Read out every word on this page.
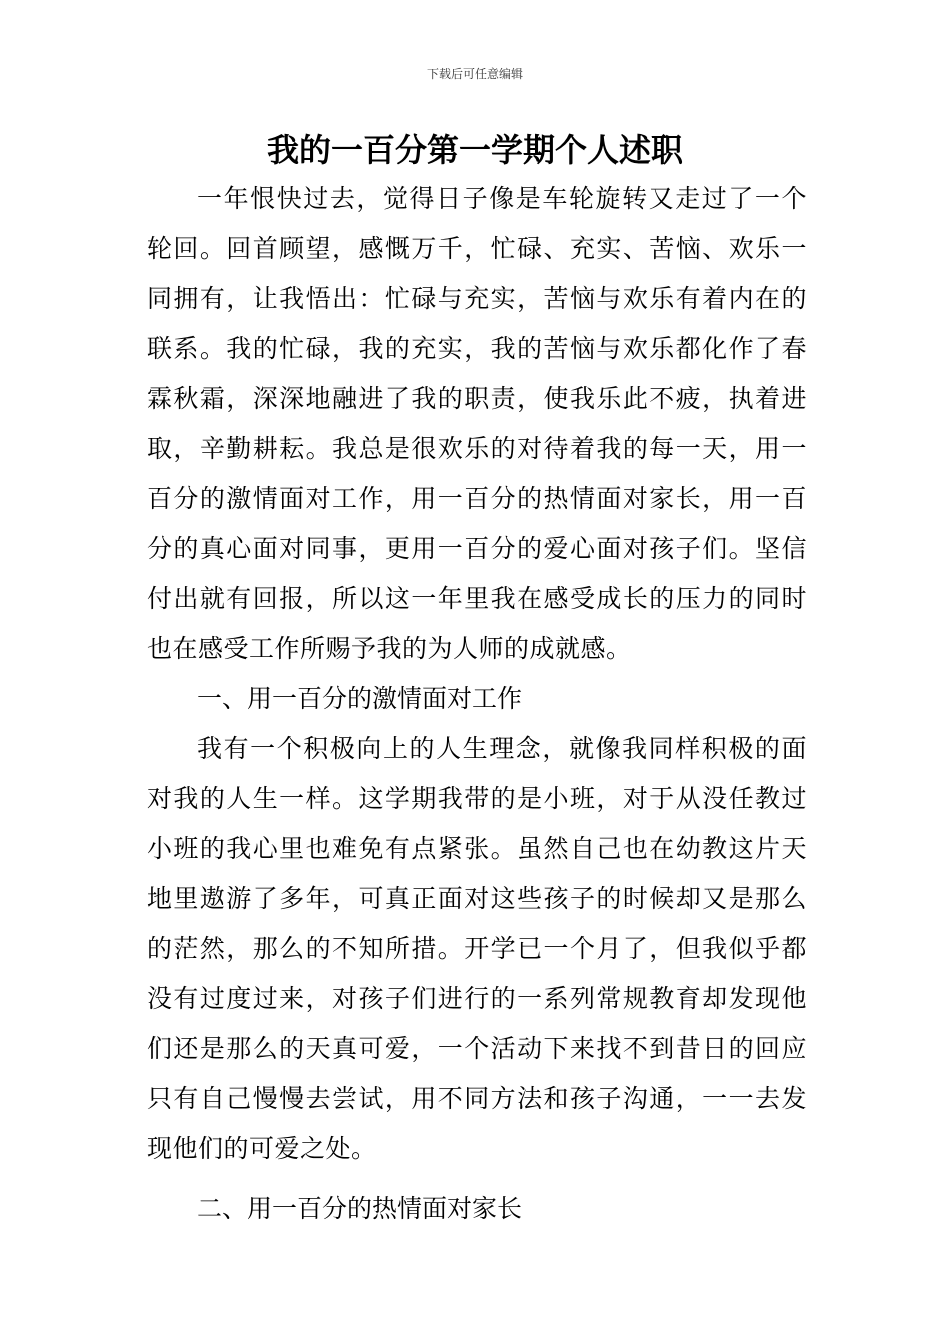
下载后可任意编辑
我的一百分第一学期个人述职

一年恨快过去，觉得日子像是车轮旋转又走过了一个轮回。回首顾望，感慨万千，忙碌、充实、苦恼、欢乐一同拥有，让我悟出：忙碌与充实，苦恼与欢乐有着内在的联系。我的忙碌，我的充实，我的苦恼与欢乐都化作了春霖秋霜，深深地融进了我的职责，使我乐此不疲，执着进取，辛勤耕耘。我总是很欢乐的对待着我的每一天，用一百分的激情面对工作，用一百分的热情面对家长，用一百分的真心面对同事，更用一百分的爱心面对孩子们。坚信付出就有回报，所以这一年里我在感受成长的压力的同时也在感受工作所赐予我的为人师的成就感。

一、用一百分的激情面对工作

我有一个积极向上的人生理念，就像我同样积极的面对我的人生一样。这学期我带的是小班，对于从没任教过小班的我心里也难免有点紧张。虽然自己也在幼教这片天地里遨游了多年，可真正面对这些孩子的时候却又是那么的茫然，那么的不知所措。开学已一个月了，但我似乎都没有过度过来，对孩子们进行的一系列常规教育却发现他们还是那么的天真可爱，一个活动下来找不到昔日的回应只有自己慢慢去尝试，用不同方法和孩子沟通，一一去发现他们的可爱之处。

二、用一百分的热情面对家长
